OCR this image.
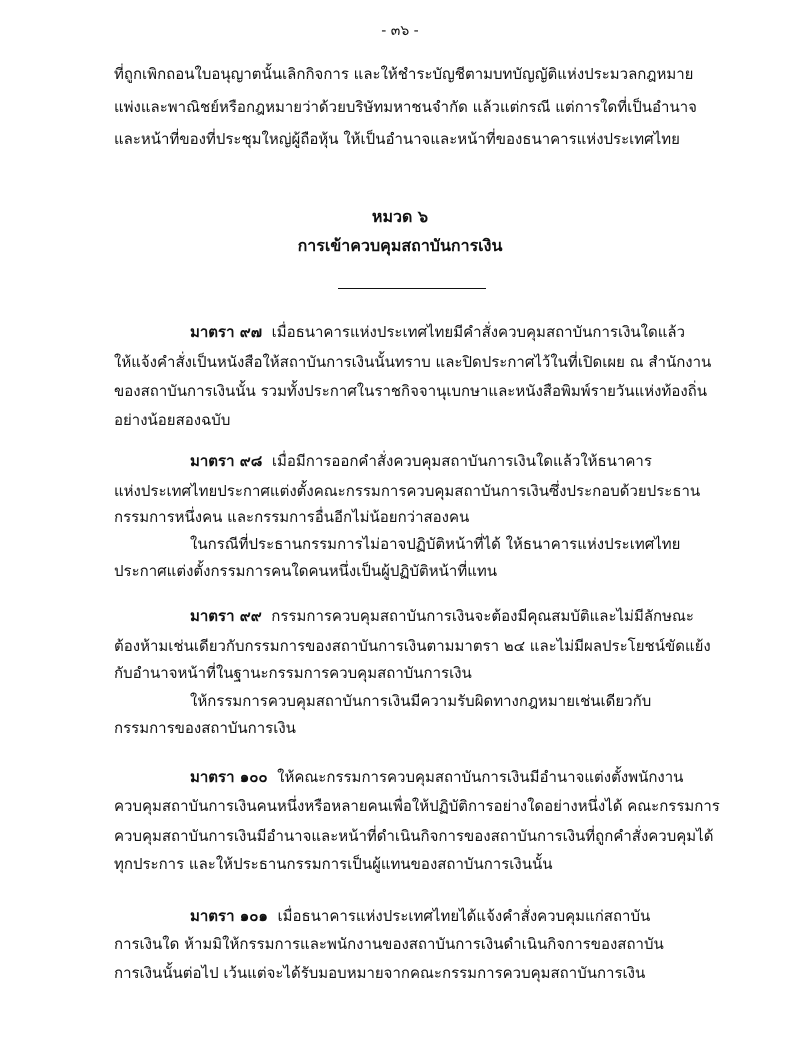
- ๓๖ -
ที่ถูกเพิกถอนใบอนุญาตนั้นเลิกกิจการ และให้ชำระบัญชีตามบทบัญญัติแห่งประมวลกฎหมาย
แพ่งและพาณิชย์หรือกฎหมายว่าด้วยบริษัทมหาชนจำกัด แล้วแต่กรณี แต่การใดที่เป็นอำนาจ
และหน้าที่ของที่ประชุมใหญ่ผู้ถือหุ้น ให้เป็นอำนาจและหน้าที่ของธนาคารแห่งประเทศไทย
หมวด ๖
การเข้าควบคุมสถาบันการเงิน
มาตรา ๙๗ เมื่อธนาคารแห่งประเทศไทยมีคำสั่งควบคุมสถาบันการเงินใดแล้ว
ให้แจ้งคำสั่งเป็นหนังสือให้สถาบันการเงินนั้นทราบ และปิดประกาศไว้ในที่เปิดเผย ณ สำนักงาน
ของสถาบันการเงินนั้น รวมทั้งประกาศในราชกิจจานุเบกษาและหนังสือพิมพ์รายวันแห่งท้องถิ่น
อย่างน้อยสองฉบับ
มาตรา ๙๘ เมื่อมีการออกคำสั่งควบคุมสถาบันการเงินใดแล้วให้ธนาคาร
แห่งประเทศไทยประกาศแต่งตั้งคณะกรรมการควบคุมสถาบันการเงินซึ่งประกอบด้วยประธาน
กรรมการหนึ่งคน และกรรมการอื่นอีกไม่น้อยกว่าสองคน
ในกรณีที่ประธานกรรมการไม่อาจปฏิบัติหน้าที่ได้ ให้ธนาคารแห่งประเทศไทย
ประกาศแต่งตั้งกรรมการคนใดคนหนึ่งเป็นผู้ปฏิบัติหน้าที่แทน
มาตรา ๙๙ กรรมการควบคุมสถาบันการเงินจะต้องมีคุณสมบัติและไม่มีลักษณะ
ต้องห้ามเช่นเดียวกับกรรมการของสถาบันการเงินตามมาตรา ๒๔ และไม่มีผลประโยชน์ขัดแย้ง
กับอำนาจหน้าที่ในฐานะกรรมการควบคุมสถาบันการเงิน
ให้กรรมการควบคุมสถาบันการเงินมีความรับผิดทางกฎหมายเช่นเดียวกับ
กรรมการของสถาบันการเงิน
มาตรา ๑๐๐ ให้คณะกรรมการควบคุมสถาบันการเงินมีอำนาจแต่งตั้งพนักงาน
ควบคุมสถาบันการเงินคนหนึ่งหรือหลายคนเพื่อให้ปฏิบัติการอย่างใดอย่างหนึ่งได้ คณะกรรมการ
ควบคุมสถาบันการเงินมีอำนาจและหน้าที่ดำเนินกิจการของสถาบันการเงินที่ถูกคำสั่งควบคุมได้
ทุกประการ และให้ประธานกรรมการเป็นผู้แทนของสถาบันการเงินนั้น
มาตรา ๑๐๑ เมื่อธนาคารแห่งประเทศไทยได้แจ้งคำสั่งควบคุมแก่สถาบัน
การเงินใด ห้ามมิให้กรรมการและพนักงานของสถาบันการเงินดำเนินกิจการของสถาบัน
การเงินนั้นต่อไป เว้นแต่จะได้รับมอบหมายจากคณะกรรมการควบคุมสถาบันการเงิน
